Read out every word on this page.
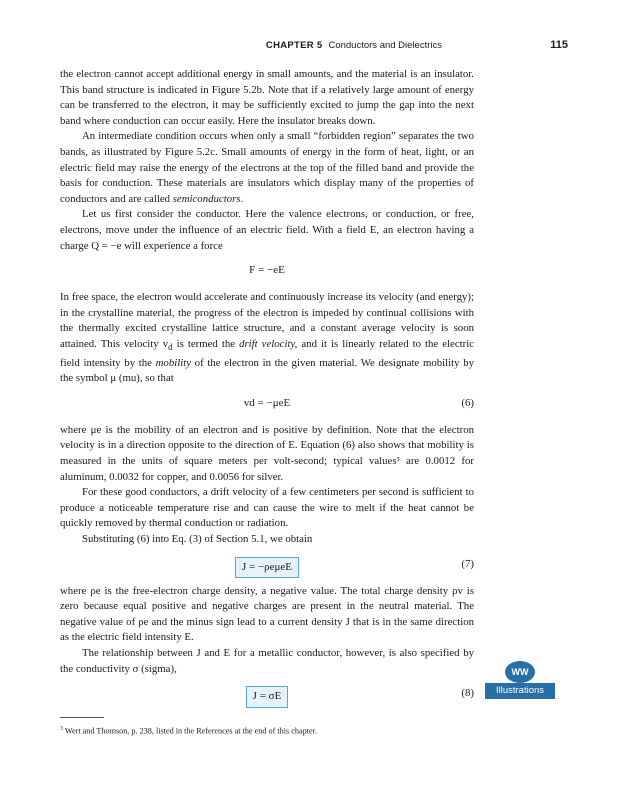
CHAPTER 5 Conductors and Dielectrics	115

the electron cannot accept additional energy in small amounts, and the material is an insulator. This band structure is indicated in Figure 5.2b. Note that if a relatively large amount of energy can be transferred to the electron, it may be sufficiently excited to jump the gap into the next band where conduction can occur easily. Here the insulator breaks down.

An intermediate condition occurs when only a small “forbidden region” separates the two bands, as illustrated by Figure 5.2c. Small amounts of energy in the form of heat, light, or an electric field may raise the energy of the electrons at the top of the filled band and provide the basis for conduction. These materials are insulators which display many of the properties of conductors and are called semiconductors.

Let us first consider the conductor. Here the valence electrons, or conduction, or free, electrons, move under the influence of an electric field. With a field E, an electron having a charge Q = −e will experience a force

F = −eE

In free space, the electron would accelerate and continuously increase its velocity (and energy); in the crystalline material, the progress of the electron is impeded by continual collisions with the thermally excited crystalline lattice structure, and a constant average velocity is soon attained. This velocity $v_d$ is termed the drift velocity, and it is linearly related to the electric field intensity by the mobility of the electron in the given material. We designate mobility by the symbol μ (mu), so that

vd = −μeE	(6)

where μe is the mobility of an electron and is positive by definition. Note that the electron velocity is in a direction opposite to the direction of E. Equation (6) also shows that mobility is measured in the units of square meters per volt-second; typical values³ are 0.0012 for aluminum, 0.0032 for copper, and 0.0056 for silver.

For these good conductors, a drift velocity of a few centimeters per second is sufficient to produce a noticeable temperature rise and can cause the wire to melt if the heat cannot be quickly removed by thermal conduction or radiation.

Substituting (6) into Eq. (3) of Section 5.1, we obtain

J = −ρeμeE	(7)

where ρe is the free-electron charge density, a negative value. The total charge density ρv is zero because equal positive and negative charges are present in the neutral material. The negative value of ρe and the minus sign lead to a current density J that is in the same direction as the electric field intensity E.

The relationship between J and E for a metallic conductor, however, is also specified by the conductivity σ (sigma),

J = σE	(8)
WW
Illustrations
$^3$ Wert and Thomson, p. 238, listed in the References at the end of this chapter.
